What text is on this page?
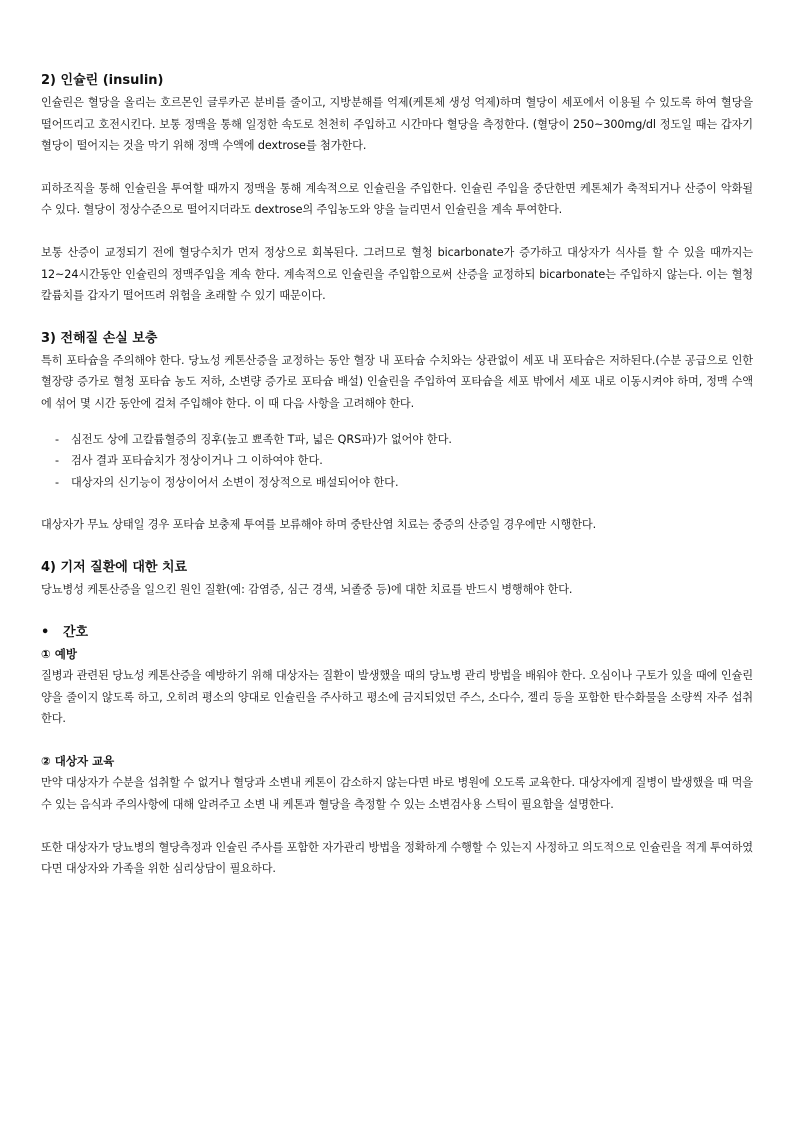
2) 인슐린 (insulin)

인슐린은 혈당을 올리는 호르몬인 글루카곤 분비를 줄이고, 지방분해를 억제(케톤체 생성 억제)하며 혈당이 세포에서 이용될 수 있도록 하여 혈당을 떨어뜨리고 호전시킨다. 보통 정맥을 통해 일정한 속도로 천천히 주입하고 시간마다 혈당을 측정한다. (혈당이 250~300mg/dl 정도일 때는 갑자기 혈당이 떨어지는 것을 막기 위해 정맥 수액에 dextrose를 첨가한다.

피하조직을 통해 인슐린을 투여할 때까지 정맥을 통해 계속적으로 인슐린을 주입한다. 인슐린 주입을 중단한면 케톤체가 축적되거나 산증이 악화될 수 있다. 혈당이 정상수준으로 떨어지더라도 dextrose의 주입농도와 양을 늘리면서 인슐린을 계속 투여한다.

보통 산증이 교정되기 전에 혈당수치가 먼저 정상으로 회복된다. 그러므로 혈청 bicarbonate가 증가하고 대상자가 식사를 할 수 있을 때까지는 12~24시간동안 인슐린의 정맥주입을 계속 한다. 계속적으로 인슐린을 주입함으로써 산증을 교정하되 bicarbonate는 주입하지 않는다. 이는 혈청 칼륨치를 갑자기 떨어뜨려 위험을 초래할 수 있기 때문이다.

3) 전해질 손실 보충

특히 포타슘을 주의해야 한다. 당뇨성 케톤산증을 교정하는 동안 혈장 내 포타슘 수치와는 상관없이 세포 내 포타슘은 저하된다.(수분 공급으로 인한 혈장량 증가로 혈청 포타슘 농도 저하, 소변량 증가로 포타슘 배설) 인슐린을 주입하여 포타슘을 세포 밖에서 세포 내로 이동시켜야 하며, 정맥 수액에 섞어 몇 시간 동안에 걸쳐 주입해야 한다. 이 때 다음 사항을 고려해야 한다.

- 심전도 상에 고칼륨혈증의 징후(높고 뾰족한 T파, 넓은 QRS파)가 없어야 한다.
- 검사 결과 포타슘치가 정상이거나 그 이하여야 한다.
- 대상자의 신기능이 정상이어서 소변이 정상적으로 배설되어야 한다.

대상자가 무뇨 상태일 경우 포타슘 보충제 투여를 보류해야 하며 중탄산염 치료는 중증의 산증일 경우에만 시행한다.

4) 기저 질환에 대한 치료

당뇨병성 케톤산증을 일으킨 원인 질환(예: 감염증, 심근 경색, 뇌졸중 등)에 대한 치료를 반드시 병행해야 한다.

• 간호
① 예방

질병과 관련된 당뇨성 케톤산증을 예방하기 위해 대상자는 질환이 발생했을 때의 당뇨병 관리 방법을 배워야 한다. 오심이나 구토가 있을 때에 인슐린 양을 줄이지 않도록 하고, 오히려 평소의 양대로 인슐린을 주사하고 평소에 금지되었던 주스, 소다수, 젤리 등을 포함한 탄수화물을 소량씩 자주 섭취한다.

② 대상자 교육

만약 대상자가 수분을 섭취할 수 없거나 혈당과 소변내 케톤이 감소하지 않는다면 바로 병원에 오도록 교육한다. 대상자에게 질병이 발생했을 때 먹을 수 있는 음식과 주의사항에 대해 알려주고 소변 내 케톤과 혈당을 측정할 수 있는 소변검사용 스틱이 필요함을 설명한다.

또한 대상자가 당뇨병의 혈당측정과 인슐린 주사를 포함한 자가관리 방법을 정확하게 수행할 수 있는지 사정하고 의도적으로 인슐린을 적게 투여하였다면 대상자와 가족을 위한 심리상담이 필요하다.
